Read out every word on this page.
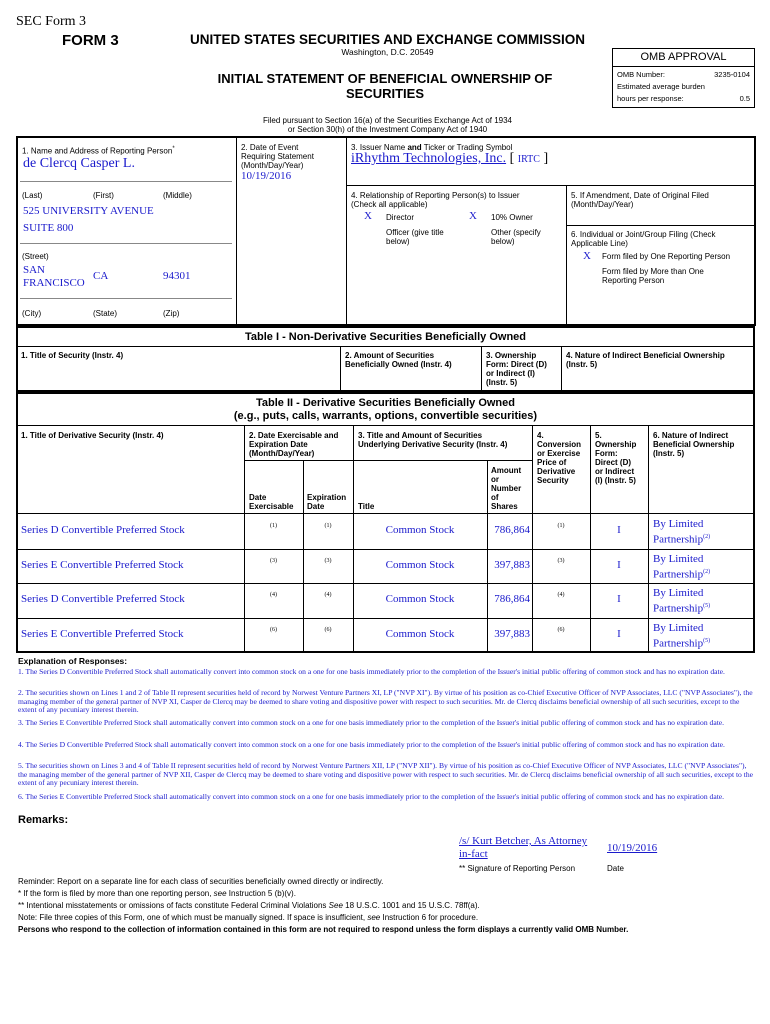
SEC Form 3
FORM 3	UNITED STATES SECURITIES AND EXCHANGE COMMISSION
Washington, D.C. 20549
INITIAL STATEMENT OF BENEFICIAL OWNERSHIP OF
SECURITIES
OMB APPROVAL
OMB Number:	3235-0104
Estimated average burden
hours per response:	0.5
Filed pursuant to Section 16(a) of the Securities Exchange Act of 1934
or Section 30(h) of the Investment Company Act of 1940
1. Name and Address of Reporting Person*
de Clercq Casper L.
(Last)	(First)	(Middle)
525 UNIVERSITY AVENUE
SUITE 800
(Street)
SAN
FRANCISCO
CA	94301
(City)	(State)	(Zip)
2. Date of Event
Requiring Statement
(Month/Day/Year)
10/19/2016
3. Issuer Name and Ticker or Trading Symbol
iRhythm Technologies, Inc. [ IRTC ]
4. Relationship of Reporting Person(s) to Issuer
(Check all applicable)
X Director	X 10% Owner
Officer (give title
below)
Other (specify
below)
5. If Amendment, Date of Original Filed
(Month/Day/Year)
6. Individual or Joint/Group Filing (Check
Applicable Line)
X Form filed by One Reporting Person
Form filed by More than One
Reporting Person
Table I - Non-Derivative Securities Beneficially Owned
1. Title of Security (Instr. 4)	2. Amount of Securities
Beneficially Owned (Instr. 4)
3. Ownership
Form: Direct (D)
or Indirect (I)
(Instr. 5)
4. Nature of Indirect Beneficial Ownership
(Instr. 5)
Table II - Derivative Securities Beneficially Owned
(e.g., puts, calls, warrants, options, convertible securities)
1. Title of Derivative Security (Instr. 4)	2. Date Exercisable and
Expiration Date
(Month/Day/Year)
3. Title and Amount of Securities
Underlying Derivative Security (Instr. 4)
4.
Conversion
or Exercise
Price of
Derivative
Security
5.
Ownership
Form:
Direct (D)
or Indirect
(I) (Instr. 5)
6. Nature of Indirect
Beneficial Ownership
(Instr. 5)
Date
Exercisable
Expiration
Date	Title
Amount
or
Number
of
Shares
Series D Convertible Preferred Stock	(1)	(1)	Common Stock	786,864	(1)	I	By Limited
Partnership$^{(2)}$
Series E Convertible Preferred Stock	(3)	(3)	Common Stock	397,883	(3)	I	By Limited
Partnership$^{(2)}$
Series D Convertible Preferred Stock	(4)	(4)	Common Stock	786,864	(4)	I	By Limited
Partnership$^{(5)}$
Series E Convertible Preferred Stock	(6)	(6)	Common Stock	397,883	(6)	I	By Limited
Partnership$^{(5)}$
Explanation of Responses:
1. The Series D Convertible Preferred Stock shall automatically convert into common stock on a one for one basis immediately prior to the completion of the Issuer's initial public offering of common stock and has no expiration date.
2. The securities shown on Lines 1 and 2 of Table II represent securities held of record by Norwest Venture Partners XI, LP ("NVP XI"). By virtue of his position as co-Chief Executive Officer of NVP Associates, LLC ("NVP Associates"), the managing member of the general partner of NVP XI, Casper de Clercq may be deemed to share voting and dispositive power with respect to such securities. Mr. de Clercq disclaims beneficial ownership of all such securities, except to the extent of any pecuniary interest therein.
3. The Series E Convertible Preferred Stock shall automatically convert into common stock on a one for one basis immediately prior to the completion of the Issuer's initial public offering of common stock and has no expiration date.
4. The Series D Convertible Preferred Stock shall automatically convert into common stock on a one for one basis immediately prior to the completion of the Issuer's initial public offering of common stock and has no expiration date.
5. The securities shown on Lines 3 and 4 of Table II represent securities held of record by Norwest Venture Partners XII, LP ("NVP XII"). By virtue of his position as co-Chief Executive Officer of NVP Associates, LLC ("NVP Associates"), the managing member of the general partner of NVP XII, Casper de Clercq may be deemed to share voting and dispositive power with respect to such securities. Mr. de Clercq disclaims beneficial ownership of all such securities, except to the extent of any pecuniary interest therein.
6. The Series E Convertible Preferred Stock shall automatically convert into common stock on a one for one basis immediately prior to the completion of the Issuer's initial public offering of common stock and has no expiration date.
Remarks:
/s/ Kurt Betcher, As Attorney
in-fact	10/19/2016
** Signature of Reporting Person	Date
Reminder: Report on a separate line for each class of securities beneficially owned directly or indirectly.
* If the form is filed by more than one reporting person, see Instruction 5 (b)(v).
** Intentional misstatements or omissions of facts constitute Federal Criminal Violations See 18 U.S.C. 1001 and 15 U.S.C. 78ff(a).
Note: File three copies of this Form, one of which must be manually signed. If space is insufficient, see Instruction 6 for procedure.
Persons who respond to the collection of information contained in this form are not required to respond unless the form displays a currently valid OMB Number.
